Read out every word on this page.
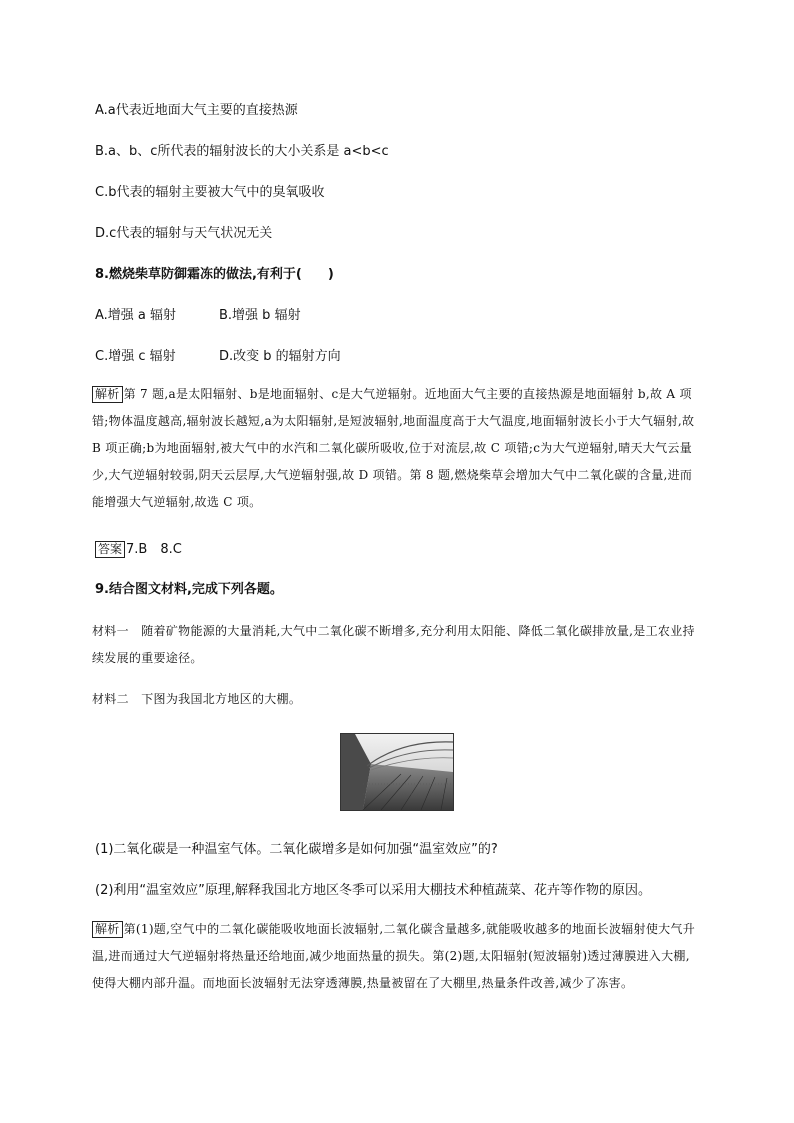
A.a代表近地面大气主要的直接热源
B.a、b、c所代表的辐射波长的大小关系是 a<b<c
C.b代表的辐射主要被大气中的臭氧吸收
D.c代表的辐射与天气状况无关
8.燃烧柴草防御霜冻的做法,有利于(　　)
A.增强 a 辐射	B.增强 b 辐射
C.增强 c 辐射	D.改变 b 的辐射方向
解析 第 7 题,a是太阳辐射、b是地面辐射、c是大气逆辐射。近地面大气主要的直接热源是地面辐射 b,故 A 项错;物体温度越高,辐射波长越短,a为太阳辐射,是短波辐射,地面温度高于大气温度,地面辐射波长小于大气辐射,故 B 项正确;b为地面辐射,被大气中的水汽和二氧化碳所吸收,位于对流层,故 C 项错;c为大气逆辐射,晴天大气云量少,大气逆辐射较弱,阴天云层厚,大气逆辐射强,故 D 项错。第 8 题,燃烧柴草会增加大气中二氧化碳的含量,进而能增强大气逆辐射,故选 C 项。
答案 7.B　8.C
9.结合图文材料,完成下列各题。
材料一 随着矿物能源的大量消耗,大气中二氧化碳不断增多,充分利用太阳能、降低二氧化碳排放量,是工农业持续发展的重要途径。
材料二 下图为我国北方地区的大棚。
(1)二氧化碳是一种温室气体。二氧化碳增多是如何加强“温室效应”的?
(2)利用“温室效应”原理,解释我国北方地区冬季可以采用大棚技术种植蔬菜、花卉等作物的原因。
解析 第(1)题,空气中的二氧化碳能吸收地面长波辐射,二氧化碳含量越多,就能吸收越多的地面长波辐射使大气升温,进而通过大气逆辐射将热量还给地面,减少地面热量的损失。第(2)题,太阳辐射(短波辐射)透过薄膜进入大棚,使得大棚内部升温。而地面长波辐射无法穿透薄膜,热量被留在了大棚里,热量条件改善,减少了冻害。
